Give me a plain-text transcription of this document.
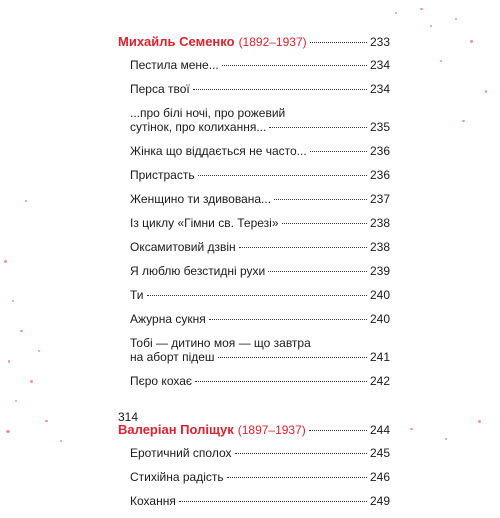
Михайль Семенко (1892–1937)	233
Пестила мене...	234
Перса твої	234
...про білі ночі, про рожевий
сутінок, про колихання...	235
Жінка що віддається не часто...	236
Пристрасть	236
Женщино ти здивована...	237
Із циклу «Гімни св. Терезі»	238
Оксамитовий дзвін	238
Я люблю безстидні рухи	239
Ти	240
Ажурна сукня	240
Тобі — дитино моя — що завтра
на аборт підеш	241
Пєро кохає	242
Валеріан Поліщук (1897–1937)	244
Еротичний сполох	245
Стихійна радість	246
Кохання	249
314
